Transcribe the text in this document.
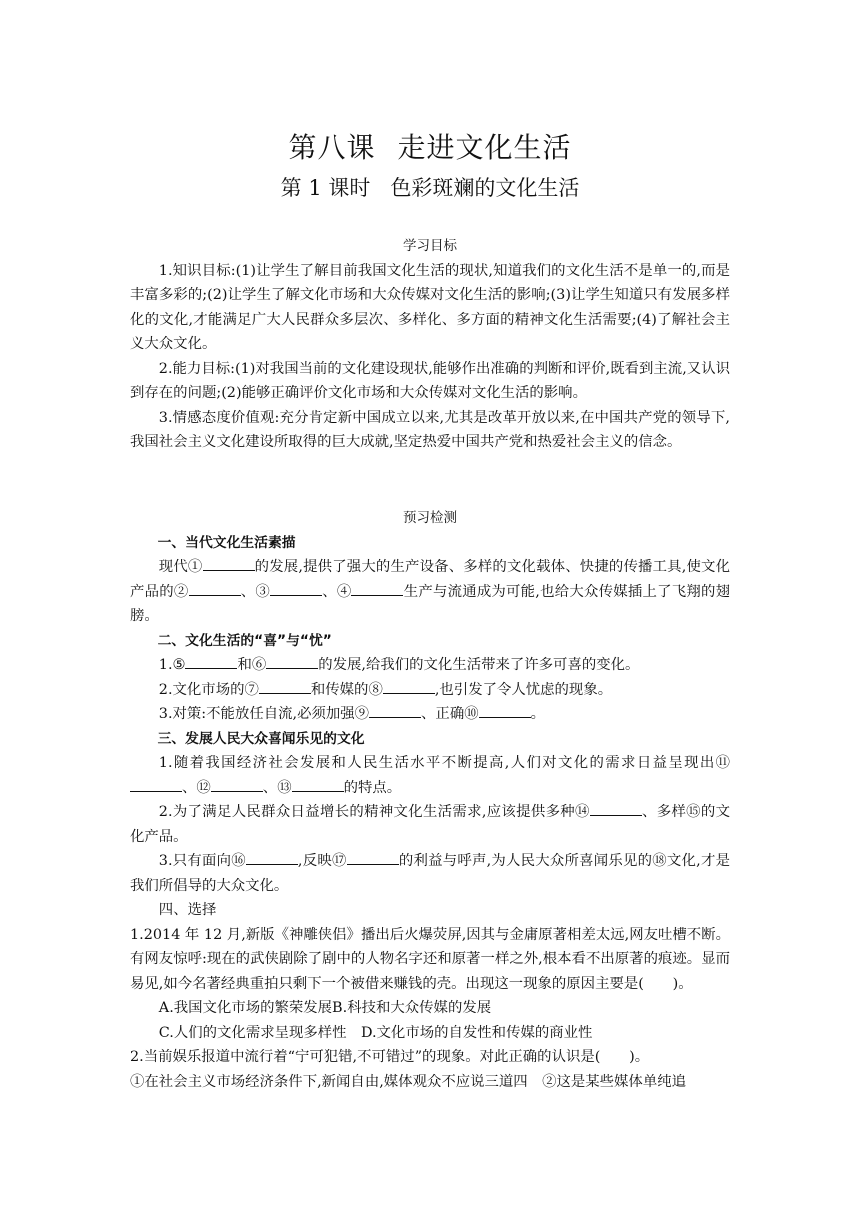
第八课 走进文化生活
第 1 课时 色彩斑斓的文化生活

学习目标

1.知识目标:(1)让学生了解目前我国文化生活的现状,知道我们的文化生活不是单一的,而是丰富多彩的;(2)让学生了解文化市场和大众传媒对文化生活的影响;(3)让学生知道只有发展多样化的文化,才能满足广大人民群众多层次、多样化、多方面的精神文化生活需要;(4)了解社会主义大众文化。

2.能力目标:(1)对我国当前的文化建设现状,能够作出准确的判断和评价,既看到主流,又认识到存在的问题;(2)能够正确评价文化市场和大众传媒对文化生活的影响。

3.情感态度价值观:充分肯定新中国成立以来,尤其是改革开放以来,在中国共产党的领导下,我国社会主义文化建设所取得的巨大成就,坚定热爱中国共产党和热爱社会主义的信念。

预习检测

一、当代文化生活素描

现代①	的发展,提供了强大的生产设备、多样的文化载体、快捷的传播工具,使文化产品的②	、③	、④	生产与流通成为可能,也给大众传媒插上了飞翔的翅膀。

二、文化生活的“喜”与“忧”

1.⑤	和⑥	的发展,给我们的文化生活带来了许多可喜的变化。

2.文化市场的⑦	和传媒的⑧	,也引发了令人忧虑的现象。

3.对策:不能放任自流,必须加强⑨	、正确⑩	。

三、发展人民大众喜闻乐见的文化

1.随着我国经济社会发展和人民生活水平不断提高,人们对文化的需求日益呈现出⑪、⑫	、⑬	的特点。

2.为了满足人民群众日益增长的精神文化生活需求,应该提供多种⑭	、多样⑮的文化产品。

3.只有面向⑯	,反映⑰	的利益与呼声,为人民大众所喜闻乐见的⑱文化,才是我们所倡导的大众文化。

四、选择

1.2014 年 12 月,新版《神雕侠侣》播出后火爆荧屏,因其与金庸原著相差太远,网友吐槽不断。有网友惊呼:现在的武侠剧除了剧中的人物名字还和原著一样之外,根本看不出原著的痕迹。显而易见,如今名著经典重拍只剩下一个被借来赚钱的壳。出现这一现象的原因主要是(　　)。

A.我国文化市场的繁荣发展B.科技和大众传媒的发展

C.人们的文化需求呈现多样性　D.文化市场的自发性和传媒的商业性

2.当前娱乐报道中流行着“宁可犯错,不可错过”的现象。对此正确的认识是(　　)。

①在社会主义市场经济条件下,新闻自由,媒体观众不应说三道四　②这是某些媒体单纯追
